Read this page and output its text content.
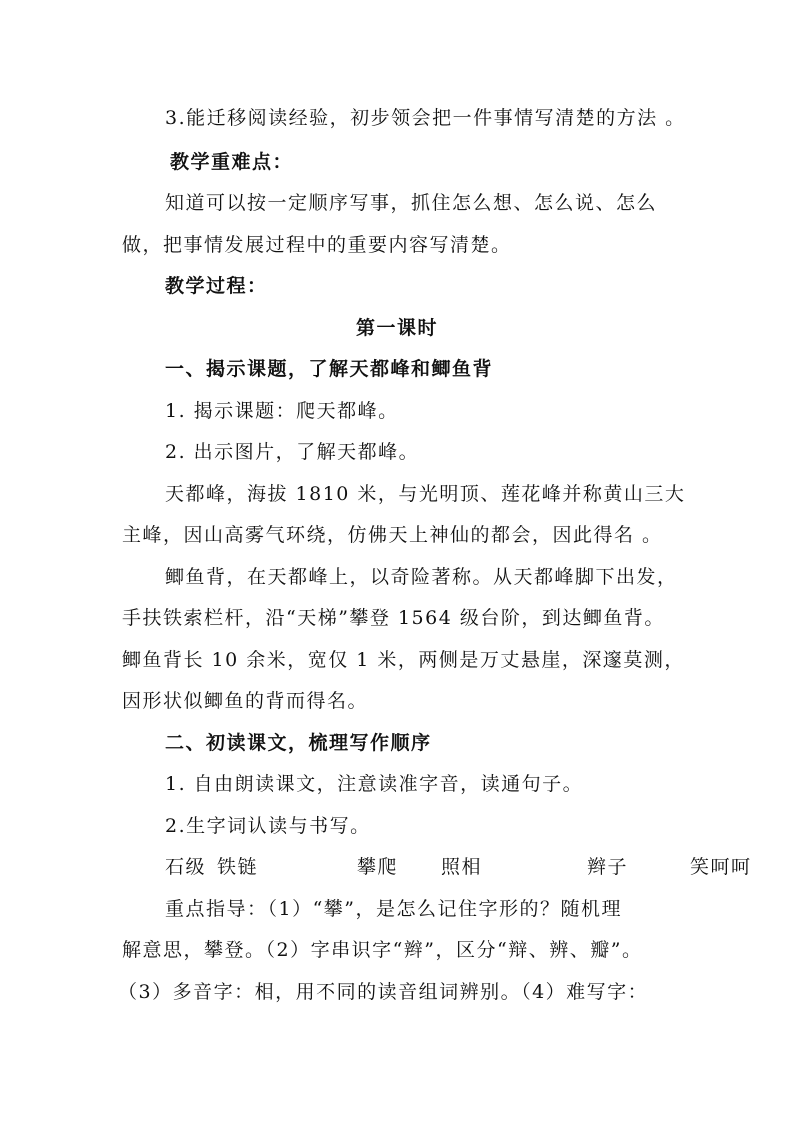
3.能迁移阅读经验，初步领会把一件事情写清楚的方法 。
教学重难点：
知道可以按一定顺序写事，抓住怎么想、怎么说、怎么
做，把事情发展过程中的重要内容写清楚。
教学过程：
第一课时
一、揭示课题，了解天都峰和鲫鱼背
1. 揭示课题：爬天都峰。
2. 出示图片，了解天都峰。
天都峰，海拔 1810 米，与光明顶、莲花峰并称黄山三大
主峰，因山高雾气环绕，仿佛天上神仙的都会，因此得名 。
鲫鱼背，在天都峰上，以奇险著称。从天都峰脚下出发，
手扶铁索栏杆，沿“天梯”攀登 1564 级台阶，到达鲫鱼背。
鲫鱼背长 10 余米，宽仅 1 米，两侧是万丈悬崖，深邃莫测，
因形状似鲫鱼的背而得名。
二、初读课文，梳理写作顺序
1. 自由朗读课文，注意读准字音，读通句子。
2.生字词认读与书写。
石级 铁链	攀爬	照相	辫子	笑呵呵
重点指导：（1）“攀”，是怎么记住字形的？随机理
解意思，攀登。（2）字串识字“辫”，区分“辩、辨、瓣”。
（3）多音字：相，用不同的读音组词辨别。（4）难写字：
